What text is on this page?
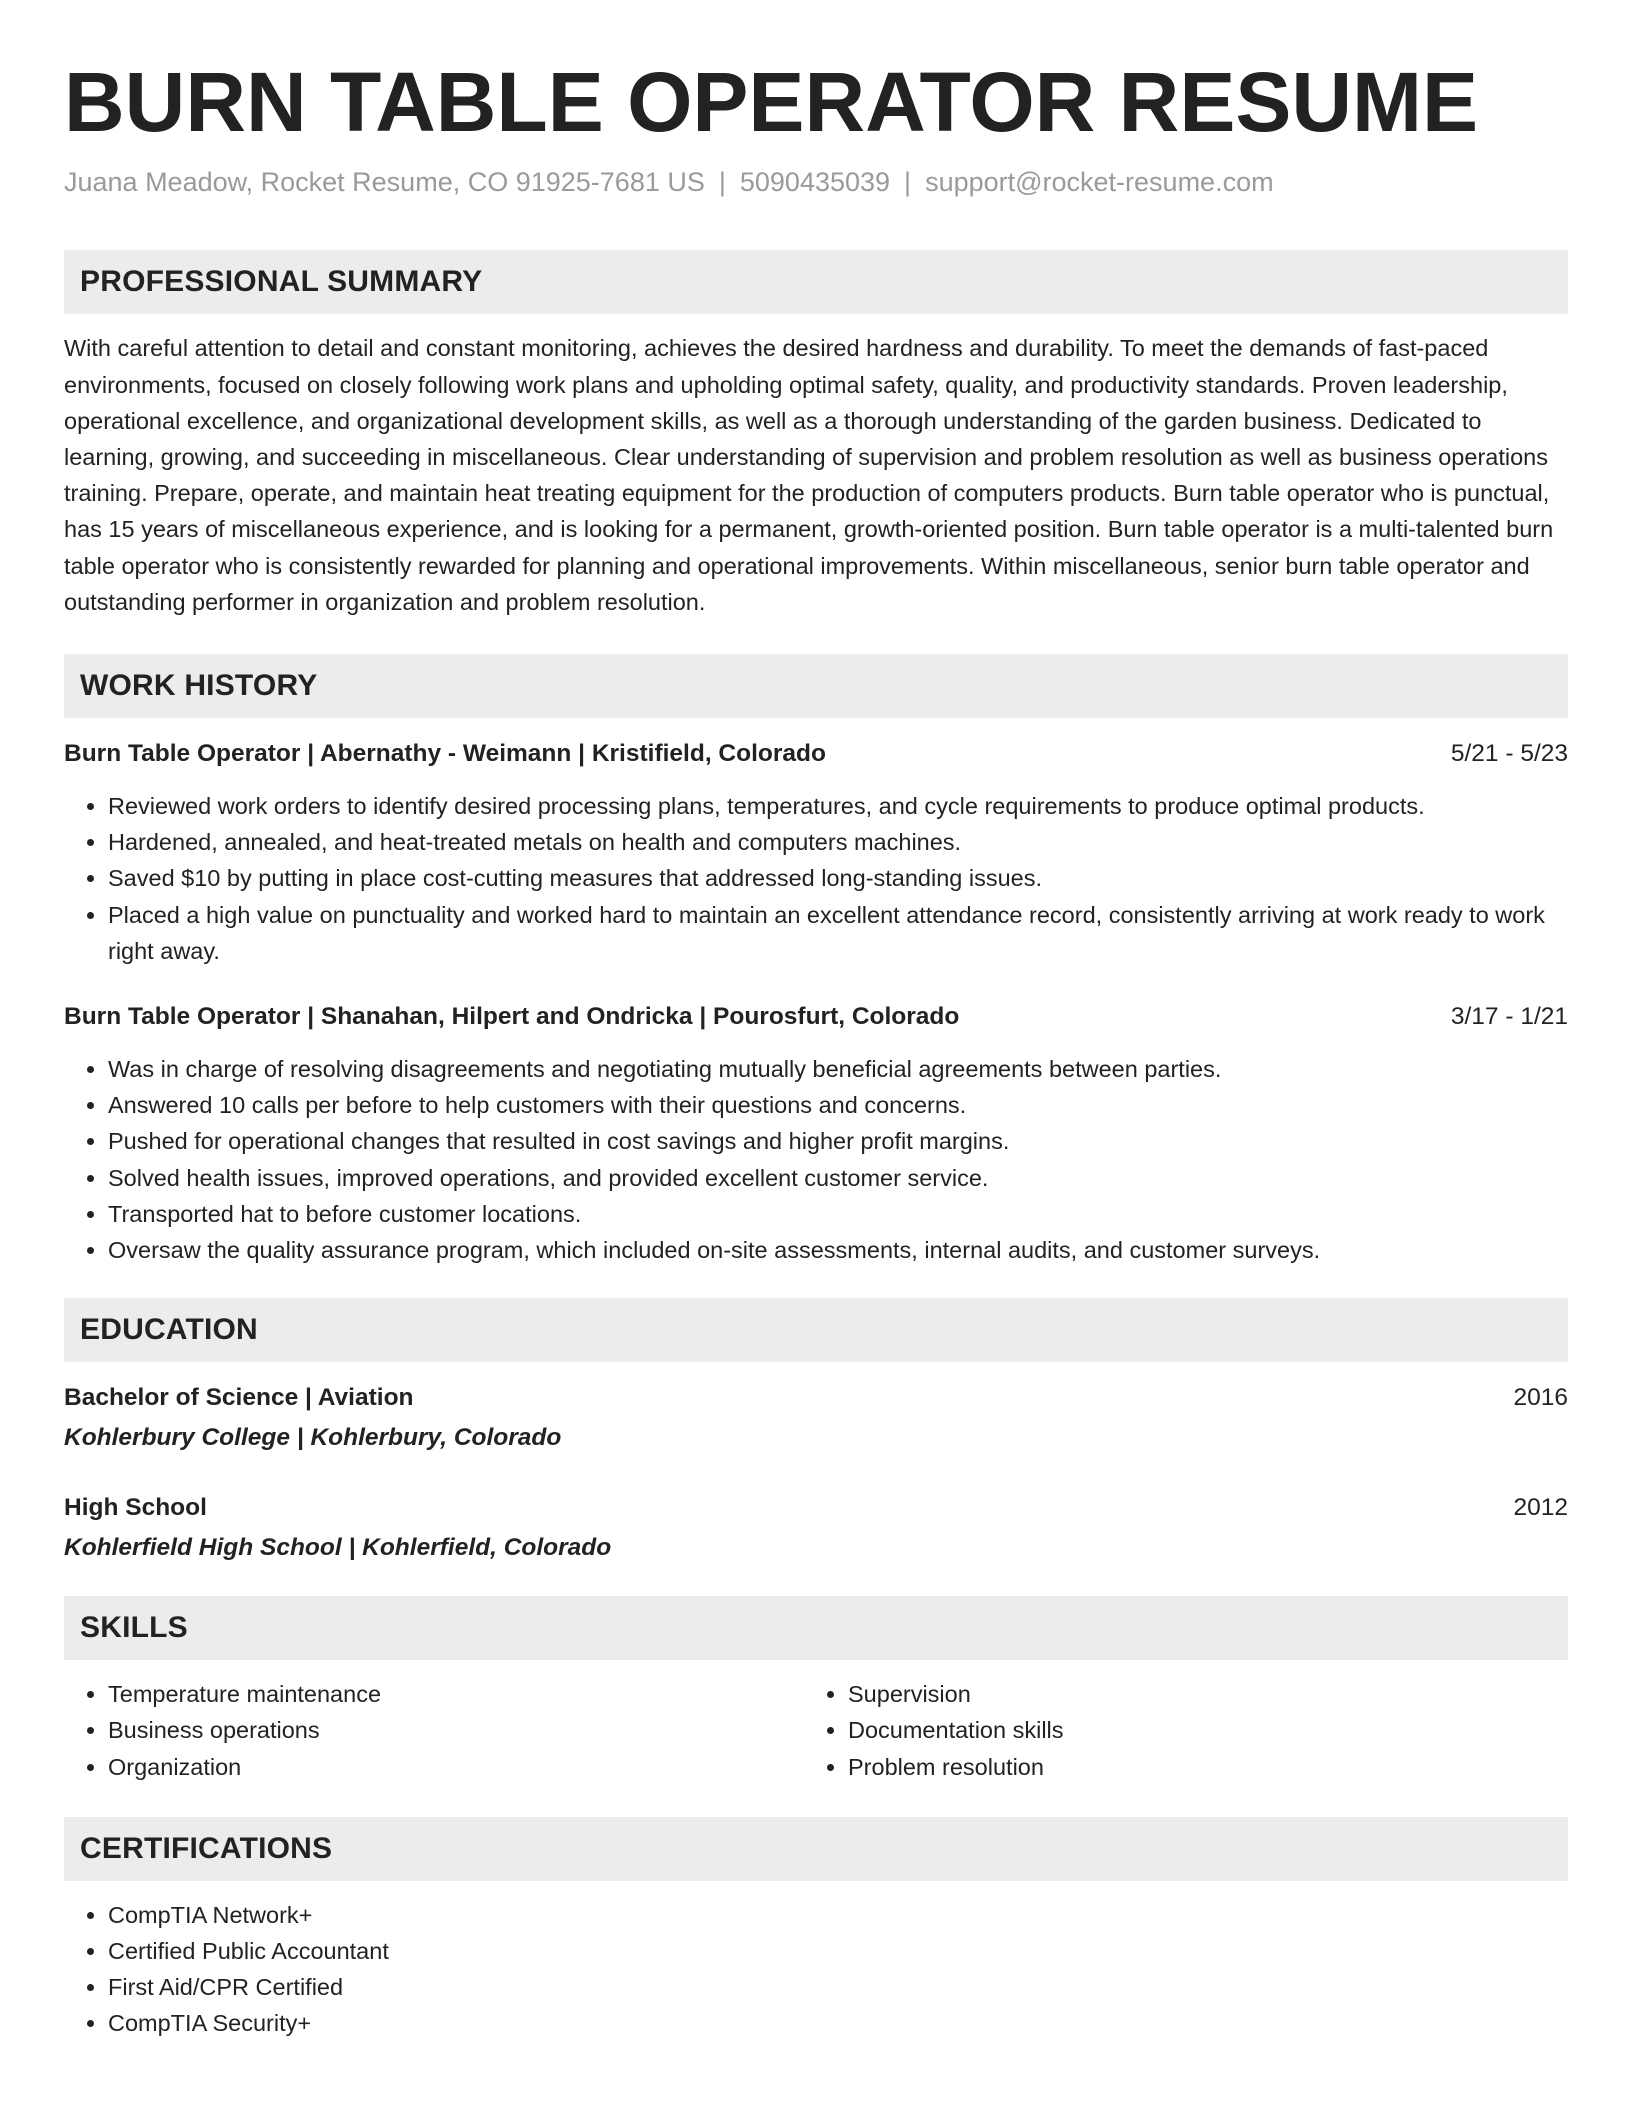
BURN TABLE OPERATOR RESUME
Juana Meadow, Rocket Resume, CO 91925-7681 US | 5090435039 | support@rocket-resume.com
PROFESSIONAL SUMMARY

With careful attention to detail and constant monitoring, achieves the desired hardness and durability. To meet the demands of fast-paced environments, focused on closely following work plans and upholding optimal safety, quality, and productivity standards. Proven leadership, operational excellence, and organizational development skills, as well as a thorough understanding of the garden business. Dedicated to learning, growing, and succeeding in miscellaneous. Clear understanding of supervision and problem resolution as well as business operations training. Prepare, operate, and maintain heat treating equipment for the production of computers products. Burn table operator who is punctual, has 15 years of miscellaneous experience, and is looking for a permanent, growth-oriented position. Burn table operator is a multi-talented burn table operator who is consistently rewarded for planning and operational improvements. Within miscellaneous, senior burn table operator and outstanding performer in organization and problem resolution.

WORK HISTORY
Burn Table Operator | Abernathy - Weimann | Kristifield, Colorado	5/21 - 5/23
• Reviewed work orders to identify desired processing plans, temperatures, and cycle requirements to produce optimal products.
• Hardened, annealed, and heat-treated metals on health and computers machines.
• Saved $10 by putting in place cost-cutting measures that addressed long-standing issues.
• Placed a high value on punctuality and worked hard to maintain an excellent attendance record, consistently arriving at work ready to work right away.
Burn Table Operator | Shanahan, Hilpert and Ondricka | Pourosfurt, Colorado	3/17 - 1/21
• Was in charge of resolving disagreements and negotiating mutually beneficial agreements between parties.
• Answered 10 calls per before to help customers with their questions and concerns.
• Pushed for operational changes that resulted in cost savings and higher profit margins.
• Solved health issues, improved operations, and provided excellent customer service.
• Transported hat to before customer locations.
• Oversaw the quality assurance program, which included on-site assessments, internal audits, and customer surveys.
EDUCATION
Bachelor of Science | Aviation	2016
Kohlerbury College | Kohlerbury, Colorado
High School	2012
Kohlerfield High School | Kohlerfield, Colorado
SKILLS
• Temperature maintenance
• Business operations
• Organization
• Supervision
• Documentation skills
• Problem resolution
CERTIFICATIONS
• CompTIA Network+
• Certified Public Accountant
• First Aid/CPR Certified
• CompTIA Security+
